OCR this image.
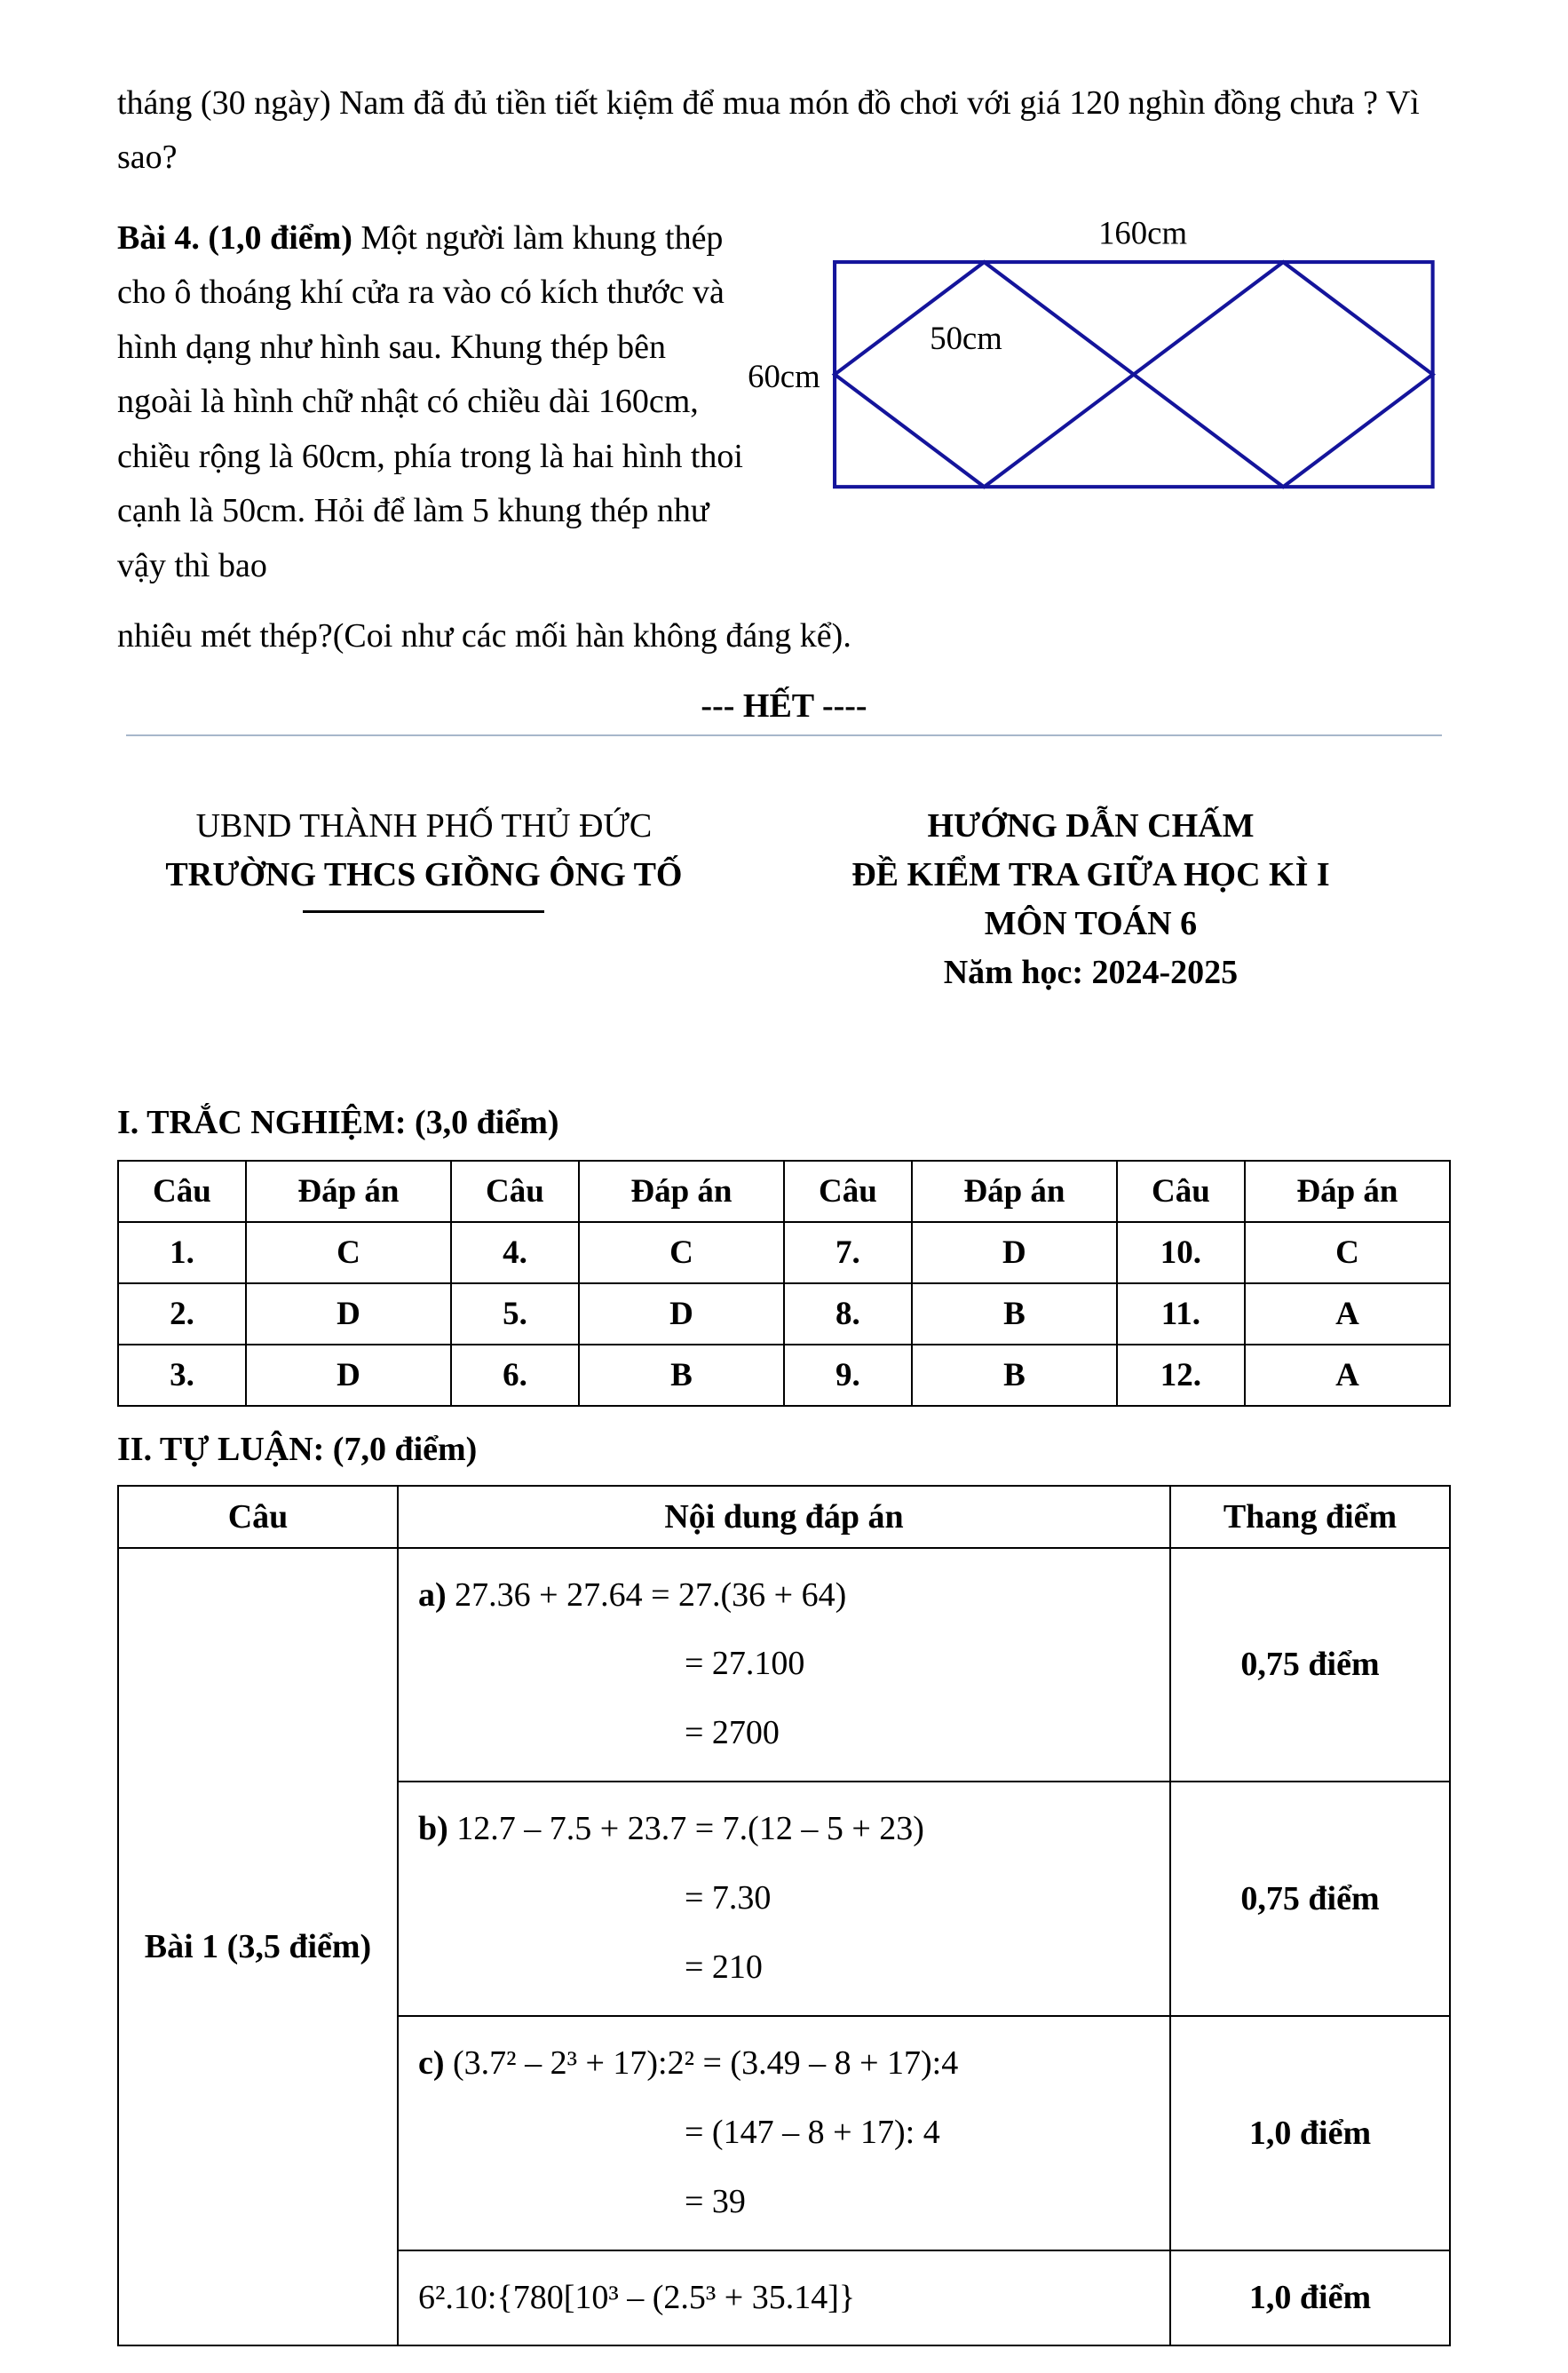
tháng (30 ngày) Nam đã đủ tiền tiết kiệm để mua món đồ chơi với giá 120 nghìn đồng chưa ? Vì sao?

160cm
60cm
50cm

Bài 4. (1,0 điểm) Một người làm khung thép cho ô thoáng khí cửa ra vào có kích thước và hình dạng như hình sau. Khung thép bên ngoài là hình chữ nhật có chiều dài 160cm, chiều rộng là 60cm, phía trong là hai hình thoi cạnh là 50cm. Hỏi để làm 5 khung thép như vậy thì bao

nhiêu mét thép?(Coi như các mối hàn không đáng kể).

--- HẾT ----

UBND THÀNH PHỐ THỦ ĐỨC
TRƯỜNG THCS GIỒNG ÔNG TỐ
HƯỚNG DẪN CHẤM
ĐỀ KIỂM TRA GIỮA HỌC KÌ I
MÔN TOÁN 6
Năm học: 2024-2025
I. TRẮC NGHIỆM: (3,0 điểm)
Câu	Đáp án	Câu	Đáp án	Câu	Đáp án	Câu	Đáp án
1.	C	4.	C	7.	D	10.	C
2.	D	5.	D	8.	B	11.	A
3.	D	6.	B	9.	B	12.	A
II. TỰ LUẬN: (7,0 điểm)
Câu	Nội dung đáp án	Thang điểm
Bài 1 (3,5 điểm)	a) 27.36 + 27.64 = 27.(36 + 64)
= 27.100
= 2700	0,75 điểm

	b) 12.7 – 7.5 + 23.7 = 7.(12 – 5 + 23)
= 7.30
= 210	0,75 điểm

	c) (3.7² – 2³ + 17):2² = (3.49 – 8 + 17):4
= (147 – 8 + 17): 4
= 39	1,0 điểm

	6².10:{780[10³ – (2.5³ + 35.14]}	1,0 điểm
